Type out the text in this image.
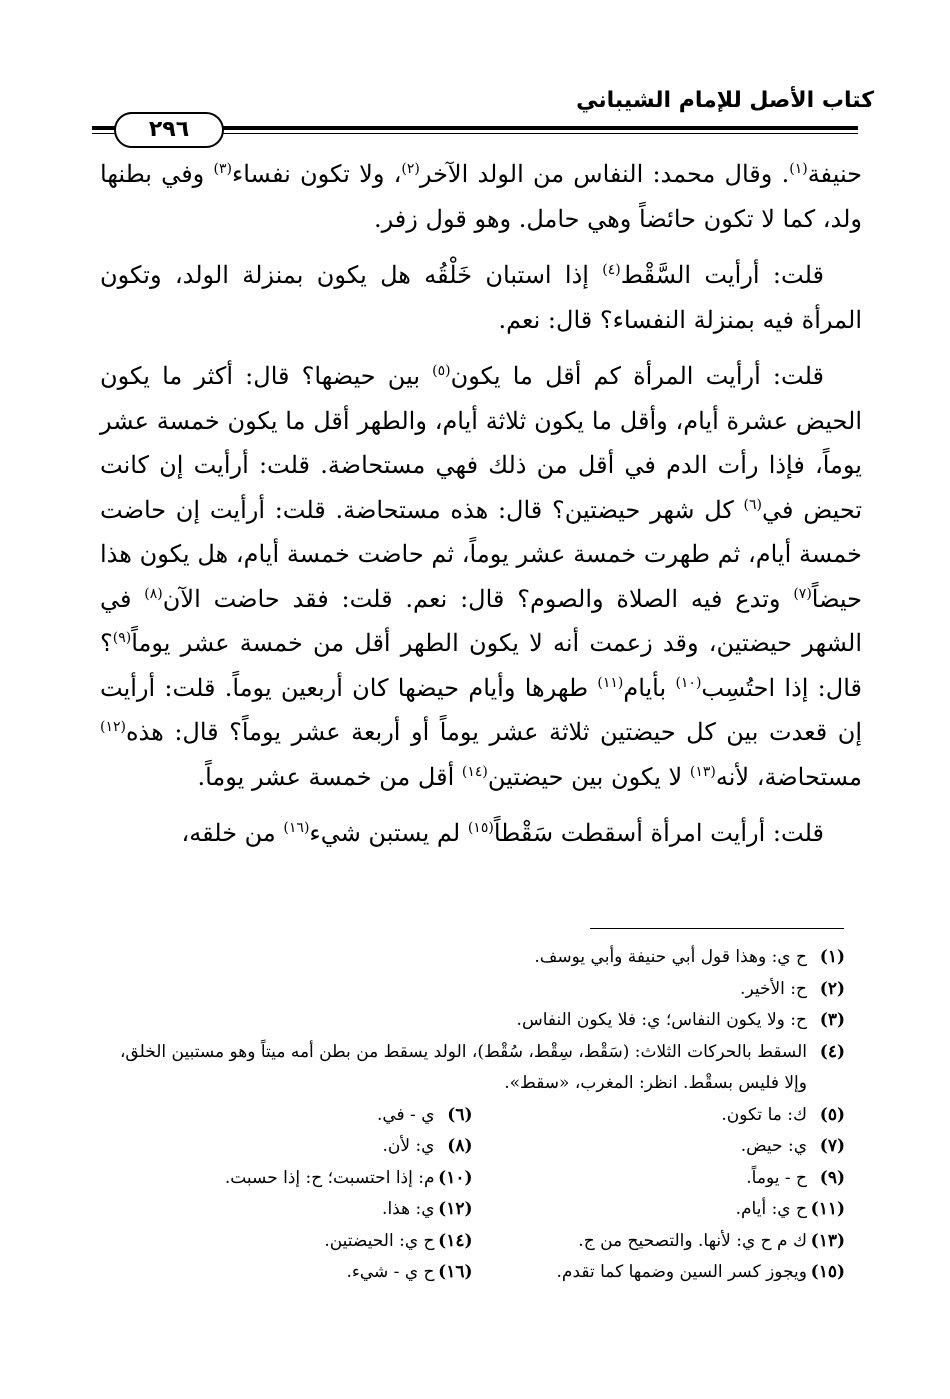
كتاب الأصل للإمام الشيباني
٢٩٦

حنيفة$^{(١)}$. وقال محمد: النفاس من الولد الآخر$^{(٢)}$، ولا تكون نفساء$^{(٣)}$ وفي بطنها ولد، كما لا تكون حائضاً وهي حامل. وهو قول زفر.

قلت: أرأيت السَّقْط$^{(٤)}$ إذا استبان خَلْقُه هل يكون بمنزلة الولد، وتكون المرأة فيه بمنزلة النفساء؟ قال: نعم.

قلت: أرأيت المرأة كم أقل ما يكون$^{(٥)}$ بين حيضها؟ قال: أكثر ما يكون الحيض عشرة أيام، وأقل ما يكون ثلاثة أيام، والطهر أقل ما يكون خمسة عشر يوماً، فإذا رأت الدم في أقل من ذلك فهي مستحاضة. قلت: أرأيت إن كانت تحيض في$^{(٦)}$ كل شهر حيضتين؟ قال: هذه مستحاضة. قلت: أرأيت إن حاضت خمسة أيام، ثم طهرت خمسة عشر يوماً، ثم حاضت خمسة أيام، هل يكون هذا حيضاً$^{(٧)}$ وتدع فيه الصلاة والصوم؟ قال: نعم. قلت: فقد حاضت الآن$^{(٨)}$ في الشهر حيضتين، وقد زعمت أنه لا يكون الطهر أقل من خمسة عشر يوماً$^{(٩)}$؟ قال: إذا احتُسِب$^{(١٠)}$ بأيام$^{(١١)}$ طهرها وأيام حيضها كان أربعين يوماً. قلت: أرأيت إن قعدت بين كل حيضتين ثلاثة عشر يوماً أو أربعة عشر يوماً؟ قال: هذه$^{(١٢)}$ مستحاضة، لأنه$^{(١٣)}$ لا يكون بين حيضتين$^{(١٤)}$ أقل من خمسة عشر يوماً.

قلت: أرأيت امرأة أسقطت سَقْطاً$^{(١٥)}$ لم يستبن شيء$^{(١٦)}$ من خلقه،

(١)
ح ي: وهذا قول أبي حنيفة وأبي يوسف.
(٢)
ح: الأخير.
(٣)
ح: ولا يكون النفاس؛ ي: فلا يكون النفاس.
(٤)
السقط بالحركات الثلاث: (سَقْط، سِقْط، سُقْط)، الولد يسقط من بطن أمه ميتاً وهو مستبين الخلق، وإلا فليس بسقْط. انظر: المغرب، «سقط».
(٥)
ك: ما تكون.
(٦)
ي - في.
(٧)
ي: حيض.
(٨)
ي: لأن.
(٩)
ح - يوماً.
(١٠)
م: إذا احتسبت؛ ح: إذا حسبت.
(١١)
ح ي: أيام.
(١٢)
ي: هذا.
(١٣)
ك م ح ي: لأنها. والتصحيح من ج.
(١٤)
ح ي: الحيضتين.
(١٥)
ويجوز كسر السين وضمها كما تقدم.
(١٦)
ح ي - شيء.
